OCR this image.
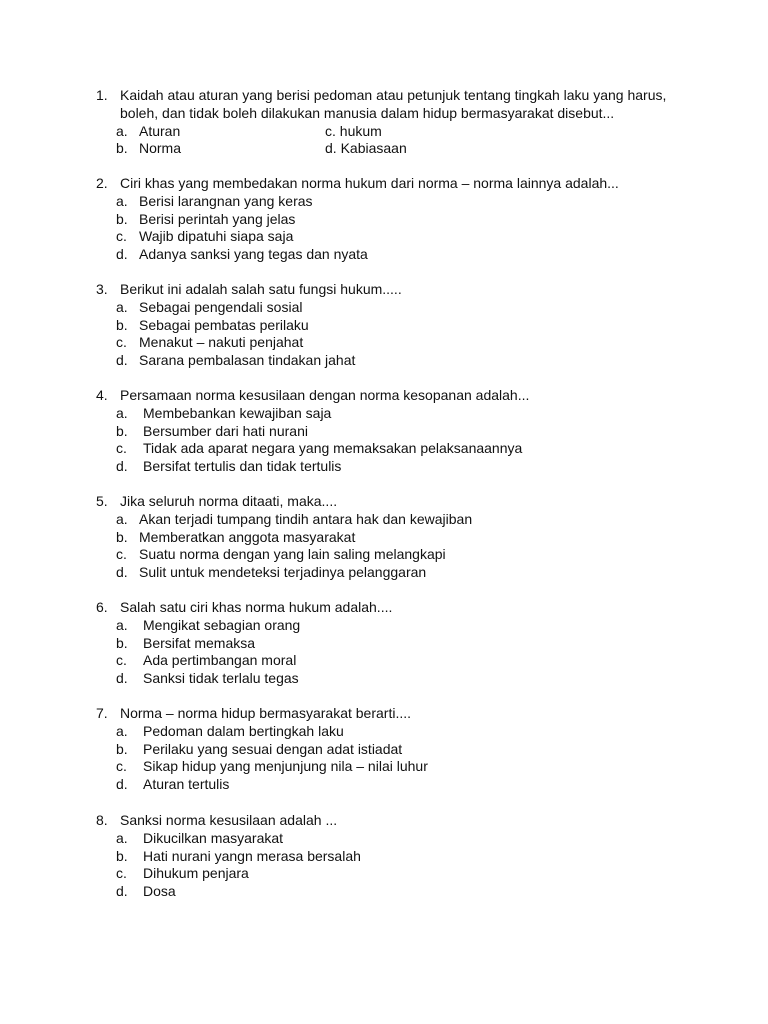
1. Kaidah atau aturan yang berisi pedoman atau petunjuk tentang tingkah laku yang harus,
boleh, dan tidak boleh dilakukan manusia dalam hidup bermasyarakat disebut...
a. Aturan	c. hukum
b. Norma	d. Kabiasaan
2. Ciri khas yang membedakan norma hukum dari norma – norma lainnya adalah...
a. Berisi larangnan yang keras
b. Berisi perintah yang jelas
c. Wajib dipatuhi siapa saja
d. Adanya sanksi yang tegas dan nyata
3. Berikut ini adalah salah satu fungsi hukum.....
a. Sebagai pengendali sosial
b. Sebagai pembatas perilaku
c. Menakut – nakuti penjahat
d. Sarana pembalasan tindakan jahat
4. Persamaan norma kesusilaan dengan norma kesopanan adalah...
a. Membebankan kewajiban saja
b. Bersumber dari hati nurani
c. Tidak ada aparat negara yang memaksakan pelaksanaannya
d. Bersifat tertulis dan tidak tertulis
5. Jika seluruh norma ditaati, maka....
a. Akan terjadi tumpang tindih antara hak dan kewajiban
b. Memberatkan anggota masyarakat
c. Suatu norma dengan yang lain saling melangkapi
d. Sulit untuk mendeteksi terjadinya pelanggaran
6. Salah satu ciri khas norma hukum adalah....
a. Mengikat sebagian orang
b. Bersifat memaksa
c. Ada pertimbangan moral
d. Sanksi tidak terlalu tegas
7. Norma – norma hidup bermasyarakat berarti....
a. Pedoman dalam bertingkah laku
b. Perilaku yang sesuai dengan adat istiadat
c. Sikap hidup yang menjunjung nila – nilai luhur
d. Aturan tertulis
8. Sanksi norma kesusilaan adalah ...
a. Dikucilkan masyarakat
b. Hati nurani yangn merasa bersalah
c. Dihukum penjara
d. Dosa
